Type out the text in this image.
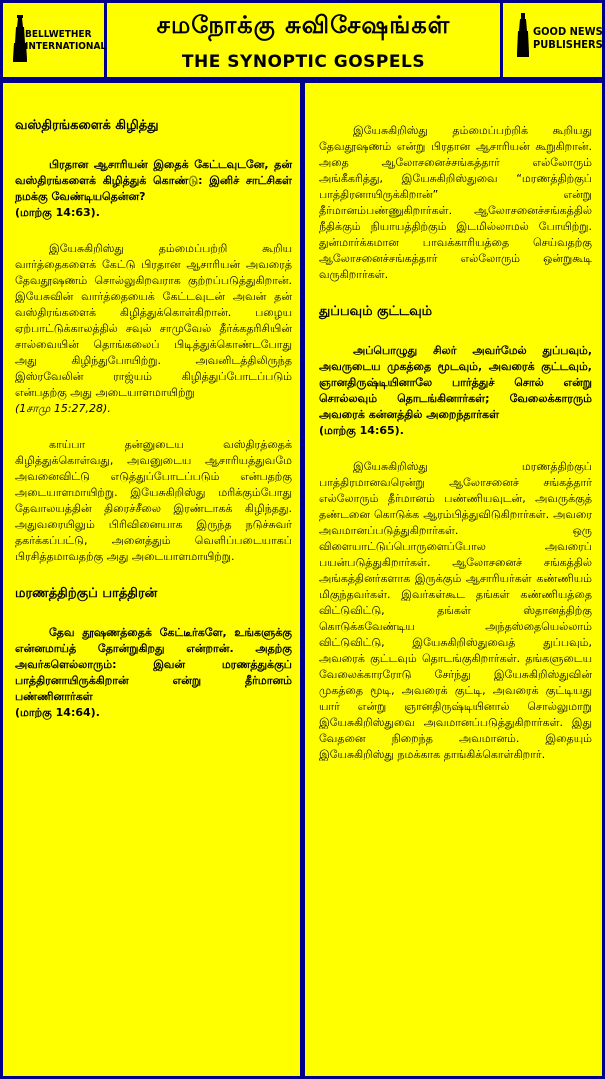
BELLWETHER
INTERNATIONAL
சமநோக்கு சுவிசேஷங்கள்
THE SYNOPTIC GOSPELS
GOOD NEWS
PUBLISHERS
வஸ்திரங்களைக் கிழித்து
பிரதான ஆசாரியன் இதைக் கேட்டவுடனே, தன் வஸ்திரங்களைக் கிழித்துக் கொண்டு: இனிச் சாட்சிகள் நமக்கு வேண்டியதென்ன?
(மாற்கு 14:63).
இயேசுகிறிஸ்து தம்மைப்பற்றி கூறிய வார்த்தைகளைக் கேட்டு பிரதான ஆசாரியன் அவரைத் தேவதூஷணம் சொல்லுகிறவராக குற்றப்படுத்துகிறான். இயேசுவின் வார்த்தையைக் கேட்டவுடன் அவன் தன் வஸ்திரங்களைக் கிழித்துக்கொள்கிறான். பழைய ஏற்பாட்டுக்காலத்தில் சவுல் சாமுவேல் தீர்க்கதரிசியின் சால்வையின் தொங்கலைப் பிடித்துக்கொண்டபோது அது கிழிந்துபோயிற்று. அவனிடத்திலிருந்த இஸ்ரவேலின் ராஜ்யம் கிழித்துப்போடப்படும் என்பதற்கு அது அடையாளமாயிற்று
(1சாமு 15:27,28).
காய்பா தன்னுடைய வஸ்திரத்தைக் கிழித்துக்கொள்வது, அவனுடைய ஆசாரியத்துவமே அவனைவிட்டு எடுத்துப்போடப்படும் என்பதற்கு அடையாளமாயிற்று. இயேசுகிறிஸ்து மரிக்கும்போது தேவாலயத்தின் திரைச்சீலை இரண்டாகக் கிழிந்தது. அதுவரையிலும் பிரிவினையாக இருந்த நடுச்சுவர் தகர்க்கப்பட்டு, அனைத்தும் வெளிப்படையாகப் பிரசித்தமாவதற்கு அது அடையாளமாயிற்று.
மரணத்திற்குப் பாத்திரன்
தேவ தூஷணத்தைக் கேட்டீர்களே, உங்களுக்கு என்னமாய்த் தோன்றுகிறது என்றான். அதற்கு அவர்களெல்லாரும்: இவன் மரணத்துக்குப் பாத்திரனாயிருக்கிறான் என்று தீர்மானம் பண்ணினார்கள்
(மாற்கு 14:64).
இயேசுகிறிஸ்து தம்மைப்பற்றிக் கூறியது தேவதூஷணம் என்று பிரதான ஆசாரியன் கூறுகிறான். அதை ஆலோசனைச்சங்கத்தார் எல்லோரும் அங்கீகரித்து, இயேசுகிறிஸ்துவை “மரணத்திற்குப் பாத்திரனாயிருக்கிறான்” என்று தீர்மானம்பண்ணுகிறார்கள். ஆலோசனைச்சங்கத்தில் நீதிக்கும் நியாயத்திற்கும் இடமில்லாமல் போயிற்று. துன்மார்க்கமான பாவக்காரியத்தை செய்வதற்கு ஆலோசனைச்சங்கத்தார் எல்லோரும் ஒன்றுகூடி வருகிறார்கள்.
துப்பவும் குட்டவும்
அப்பொழுது சிலர் அவர்மேல் துப்பவும், அவருடைய முகத்தை மூடவும், அவரைக் குட்டவும், ஞானதிருஷ்டியினாலே பார்த்துச் சொல் என்று சொல்லவும் தொடங்கினார்கள்; வேலைக்காரரும் அவரைக் கன்னத்தில் அறைந்தார்கள்
(மாற்கு 14:65).
இயேசுகிறிஸ்து மரணத்திற்குப் பாத்திரமானவரென்று ஆலோசனைச் சங்கத்தார் எல்லோரும் தீர்மானம் பண்ணியவுடன், அவருக்குத் தண்டனை கொடுக்க ஆரம்பித்துவிடுகிறார்கள். அவரை அவமானப்படுத்துகிறார்கள். ஒரு விளையாட்டுப்பொருளைப்போல அவரைப் பயன்படுத்துகிறார்கள். ஆலோசனைச் சங்கத்தில் அங்கத்தினர்களாக இருக்கும் ஆசாரியர்கள் கண்ணியம் மிகுந்தவர்கள். இவர்கள்கூட தங்கள் கண்ணியத்தை விட்டுவிட்டு, தங்கள் ஸ்தானத்திற்கு கொடுக்கவேண்டிய அந்தஸ்தையெல்லாம் விட்டுவிட்டு, இயேசுகிறிஸ்துவைத் துப்பவும், அவரைக் குட்டவும் தொடங்குகிறார்கள். தங்களுடைய வேலைக்காரரோடு சேர்ந்து இயேசுகிறிஸ்துவின் முகத்தை மூடி, அவரைக் குட்டி, அவரைக் குட்டியது யார் என்று ஞானதிருஷ்டியினால் சொல்லுமாறு இயேசுகிறிஸ்துவை அவமானப்படுத்துகிறார்கள். இது வேதனை நிறைந்த அவமானம். இதையும் இயேசுகிறிஸ்து நமக்காக தாங்கிக்கொள்கிறார்.
